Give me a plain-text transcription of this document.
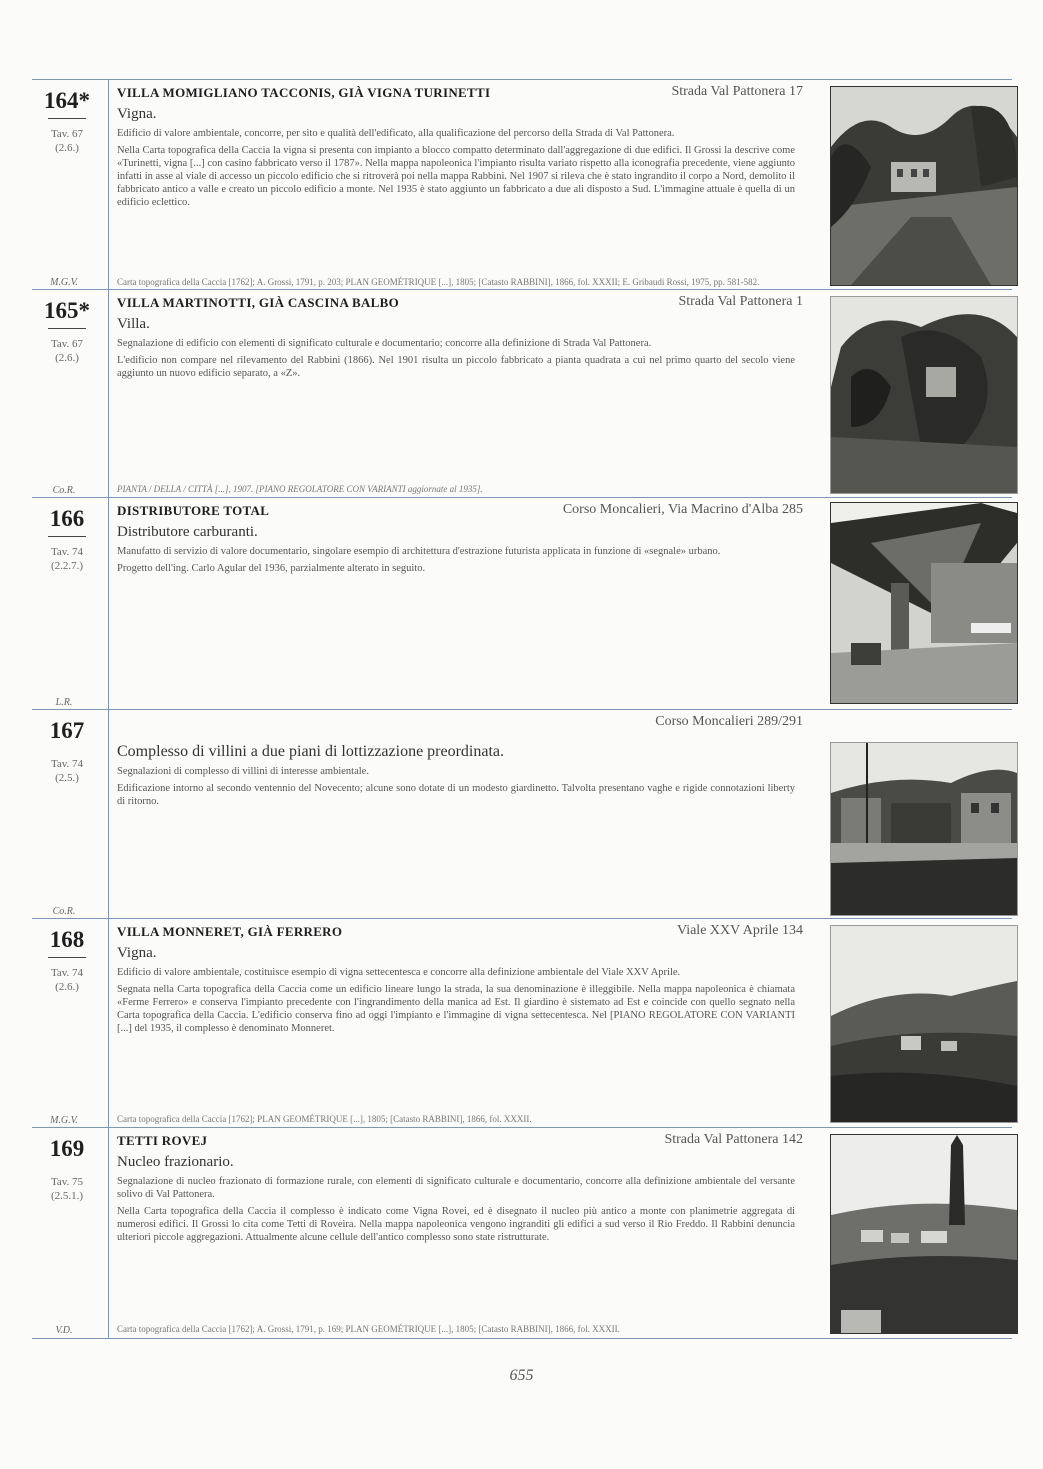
164*
Tav. 67
(2.6.)
M.G.V.
VILLA MOMIGLIANO TACCONIS, GIÀ VIGNA TURINETTI	Strada Val Pattonera 17
Vigna.
Edificio di valore ambientale, concorre, per sito e qualità dell'edificato, alla qualificazione del percorso della Strada di Val Pattonera.
Nella Carta topografica della Caccia la vigna si presenta con impianto a blocco compatto determinato dall'aggregazione di due edifici. Il Grossi la descrive come «Turinetti, vigna [...] con casino fabbricato verso il 1787». Nella mappa napoleonica l'impianto risulta variato rispetto alla iconografia precedente, viene aggiunto infatti in asse al viale di accesso un piccolo edificio che si ritroverà poi nella mappa Rabbini. Nel 1907 si rileva che è stato ingrandito il corpo a Nord, demolito il fabbricato antico a valle e creato un piccolo edificio a monte. Nel 1935 è stato aggiunto un fabbricato a due ali disposto a Sud. L'immagine attuale è quella di un edificio eclettico.
Carta topografica della Caccia [1762]; A. Grossi, 1791, p. 203; PLAN GEOMÉTRIQUE [...], 1805; [Catasto RABBINI], 1866, fol. XXXII; E. Gribaudi Rossi, 1975, pp. 581-582.
165*
Tav. 67
(2.6.)
Co.R.
VILLA MARTINOTTI, GIÀ CASCINA BALBO	Strada Val Pattonera 1
Villa.
Segnalazione di edificio con elementi di significato culturale e documentario; concorre alla definizione di Strada Val Pattonera.
L'edificio non compare nel rilevamento del Rabbini (1866). Nel 1901 risulta un piccolo fabbricato a pianta quadrata a cui nel primo quarto del secolo viene aggiunto un nuovo edificio separato, a «Z».
PIANTA / DELLA / CITTÀ [...], 1907. [PIANO REGOLATORE CON VARIANTI aggiornate al 1935].
166
Tav. 74
(2.2.7.)
L.R.
DISTRIBUTORE TOTAL	Corso Moncalieri, Via Macrino d'Alba 285
Distributore carburanti.
Manufatto di servizio di valore documentario, singolare esempio di architettura d'estrazione futurista applicata in funzione di «segnale» urbano.
Progetto dell'ing. Carlo Agular del 1936, parzialmente alterato in seguito.
167
Tav. 74
(2.5.)
Co.R.
Corso Moncalieri 289/291
Complesso di villini a due piani di lottizzazione preordinata.
Segnalazioni di complesso di villini di interesse ambientale.
Edificazione intorno al secondo ventennio del Novecento; alcune sono dotate di un modesto giardinetto. Talvolta presentano vaghe e rigide connotazioni liberty di ritorno.
168
Tav. 74
(2.6.)
M.G.V.
VILLA MONNERET, GIÀ FERRERO	Viale XXV Aprile 134
Vigna.
Edificio di valore ambientale, costituisce esempio di vigna settecentesca e concorre alla definizione ambientale del Viale XXV Aprile.
Segnata nella Carta topografica della Caccia come un edificio lineare lungo la strada, la sua denominazione è illeggibile. Nella mappa napoleonica è chiamata «Ferme Ferrero» e conserva l'impianto precedente con l'ingrandimento della manica ad Est. Il giardino è sistemato ad Est e coincide con quello segnato nella Carta topografica della Caccia. L'edificio conserva fino ad oggi l'impianto e l'immagine di vigna settecentesca. Nel [PIANO REGOLATORE CON VARIANTI [...] del 1935, il complesso è denominato Monneret.
Carta topografica della Caccia [1762]; PLAN GEOMÉTRIQUE [...], 1805; [Catasto RABBINI], 1866, fol. XXXII.
169
Tav. 75
(2.5.1.)
V.D.
TETTI ROVEJ	Strada Val Pattonera 142
Nucleo frazionario.
Segnalazione di nucleo frazionato di formazione rurale, con elementi di significato culturale e documentario, concorre alla definizione ambientale del versante solivo di Val Pattonera.
Nella Carta topografica della Caccia il complesso è indicato come Vigna Rovei, ed è disegnato il nucleo più antico a monte con planimetrie aggregata di numerosi edifici. Il Grossi lo cita come Tetti di Roveira. Nella mappa napoleonica vengono ingranditi gli edifici a sud verso il Rio Freddo. Il Rabbini denuncia ulteriori piccole aggregazioni. Attualmente alcune cellule dell'antico complesso sono state ristrutturate.
Carta topografica della Caccia [1762]; A. Grossi, 1791, p. 169; PLAN GEOMÉTRIQUE [...], 1805; [Catasto RABBINI], 1866, fol. XXXII.
655
